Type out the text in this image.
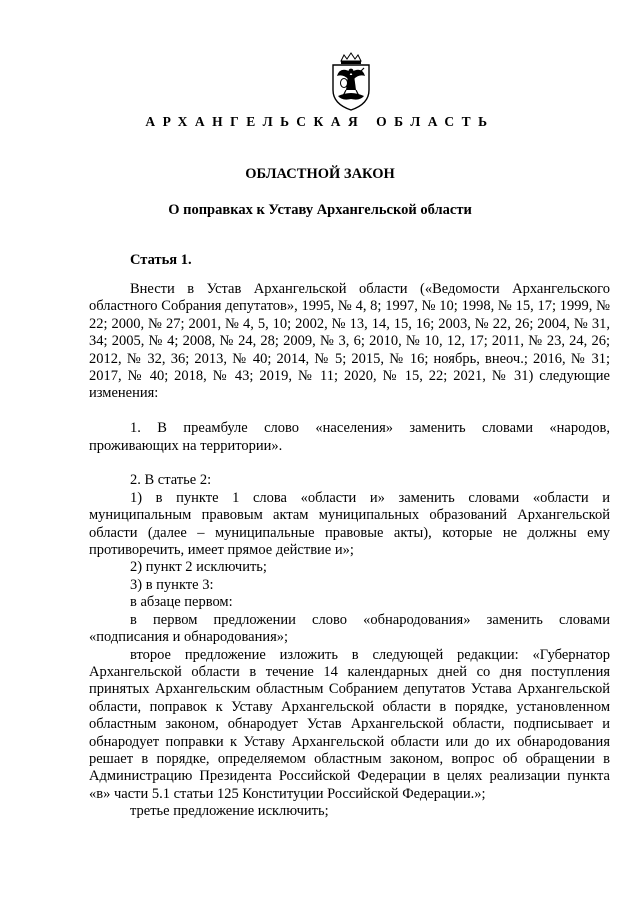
АРХАНГЕЛЬСКАЯ ОБЛАСТЬ
ОБЛАСТНОЙ ЗАКОН
О поправках к Уставу Архангельской области
Статья 1.

Внести в Устав Архангельской области («Ведомости Архангельского областного Собрания депутатов», 1995, № 4, 8; 1997, № 10; 1998, № 15, 17; 1999, № 22; 2000, № 27; 2001, № 4, 5, 10; 2002, № 13, 14, 15, 16; 2003, № 22, 26; 2004, № 31, 34; 2005, № 4; 2008, № 24, 28; 2009, № 3, 6; 2010, № 10, 12, 17; 2011, № 23, 24, 26; 2012, № 32, 36; 2013, № 40; 2014, № 5; 2015, № 16; ноябрь, внеоч.; 2016, № 31; 2017, № 40; 2018, № 43; 2019, № 11; 2020, № 15, 22; 2021, № 31) следующие изменения:

1. В преамбуле слово «населения» заменить словами «народов, проживающих на территории».

2. В статье 2:

1) в пункте 1 слова «области и» заменить словами «области и муниципальным правовым актам муниципальных образований Архангельской области (далее – муниципальные правовые акты), которые не должны ему противоречить, имеет прямое действие и»;

2) пункт 2 исключить;

3) в пункте 3:

в абзаце первом:

в первом предложении слово «обнародования» заменить словами «подписания и обнародования»;

второе предложение изложить в следующей редакции: «Губернатор Архангельской области в течение 14 календарных дней со дня поступления принятых Архангельским областным Собранием депутатов Устава Архангельской области, поправок к Уставу Архангельской области в порядке, установленном областным законом, обнародует Устав Архангельской области, подписывает и обнародует поправки к Уставу Архангельской области или до их обнародования решает в порядке, определяемом областным законом, вопрос об обращении в Администрацию Президента Российской Федерации в целях реализации пункта «в» части 5.1 статьи 125 Конституции Российской Федерации.»;

третье предложение исключить;
